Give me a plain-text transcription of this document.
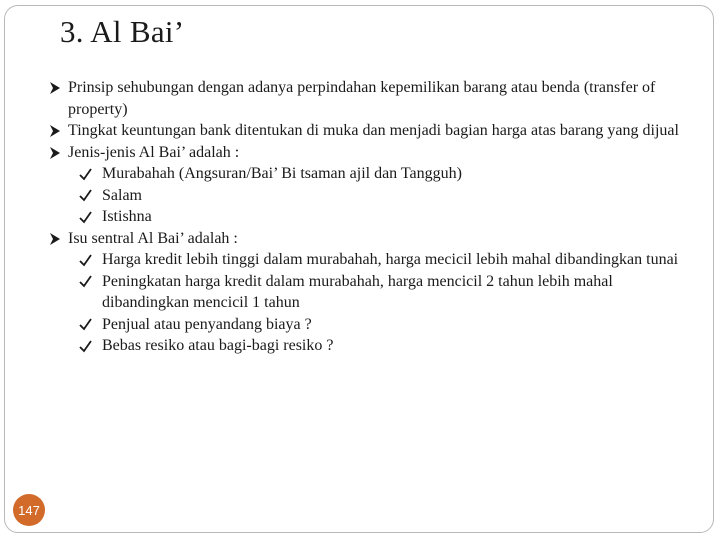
3. Al Bai’
Prinsip sehubungan dengan adanya perpindahan kepemilikan barang atau benda (transfer of property)
Tingkat keuntungan bank ditentukan di muka dan menjadi bagian harga atas barang yang dijual
Jenis-jenis Al Bai’ adalah :
Murabahah (Angsuran/Bai’ Bi tsaman ajil dan Tangguh)
Salam
Istishna
Isu sentral Al Bai’ adalah :
Harga kredit lebih tinggi dalam murabahah, harga mecicil lebih mahal dibandingkan tunai
Peningkatan harga kredit dalam murabahah, harga mencicil 2 tahun lebih mahal dibandingkan mencicil 1 tahun
Penjual atau penyandang biaya ?
Bebas resiko atau bagi-bagi resiko ?
147
